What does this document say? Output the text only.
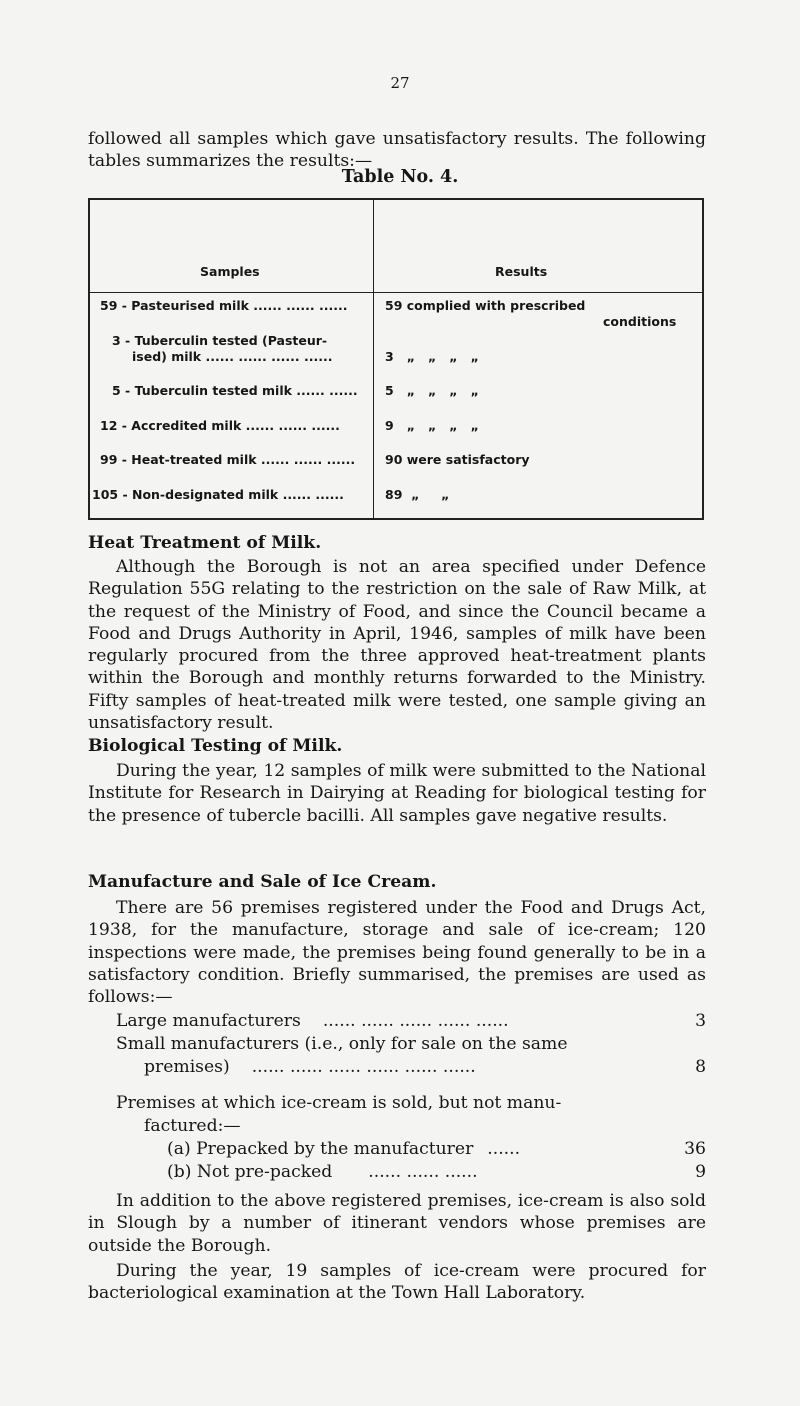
27
followed all samples which gave unsatisfactory results. The following tables summarizes the results:—
Table No. 4.
Samples	Results
59 - Pasteurised milk ...... ...... ......	59 complied with prescribed
conditions
3 - Tuberculin tested (Pasteur-
ised) milk ...... ...... ...... ......	3   „   „   „   „
5 - Tuberculin tested milk ...... ...... 5   „   „   „   „
12 - Accredited milk ...... ...... ......	9   „   „   „   „
99 - Heat-treated milk ...... ...... ...... 90 were satisfactory
105 - Non-designated milk ...... ......	89  „     „
Heat Treatment of Milk.
Although the Borough is not an area specified under Defence Regulation 55G relating to the restriction on the sale of Raw Milk, at the request of the Ministry of Food, and since the Council became a Food and Drugs Authority in April, 1946, samples of milk have been regularly procured from the three approved heat-treatment plants within the Borough and monthly returns forwarded to the Ministry. Fifty samples of heat-treated milk were tested, one sample giving an unsatisfactory result.
Biological Testing of Milk.
During the year, 12 samples of milk were submitted to the National Institute for Research in Dairying at Reading for biological testing for the presence of tubercle bacilli. All samples gave negative results.
Manufacture and Sale of Ice Cream.
There are 56 premises registered under the Food and Drugs Act, 1938, for the manufacture, storage and sale of ice-cream; 120 inspections were made, the premises being found generally to be in a satisfactory condition. Briefly summarised, the premises are used as follows:—
Large manufacturers	...... ...... ...... ...... ......	3
Small manufacturers (i.e., only for sale on the same
premises)	...... ...... ...... ...... ...... ......	8
Premises at which ice-cream is sold, but not manu-
factured:—
(a) Prepacked by the manufacturer ......	36
(b) Not pre-packed	...... ...... ......	9
In addition to the above registered premises, ice-cream is also sold in Slough by a number of itinerant vendors whose premises are outside the Borough.
During the year, 19 samples of ice-cream were procured for bacteriological examination at the Town Hall Laboratory.
